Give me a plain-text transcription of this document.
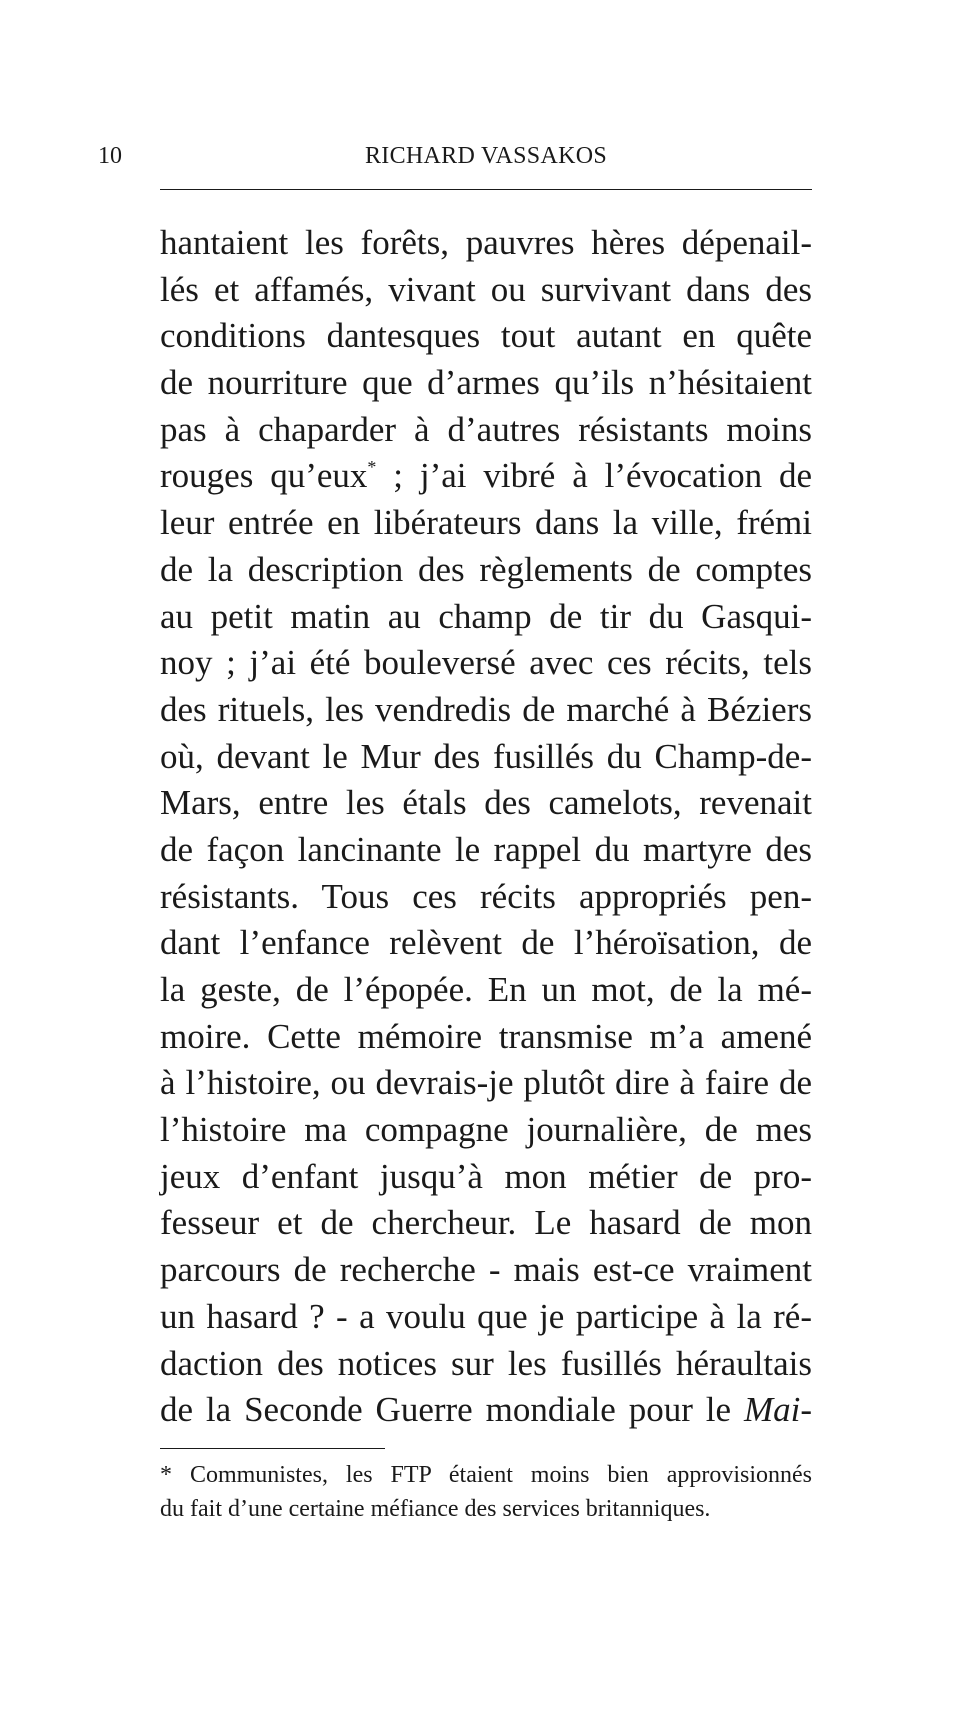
10	RICHARD VASSAKOS
hantaient les forêts, pauvres hères dépenail-
lés et affamés, vivant ou survivant dans des
conditions dantesques tout autant en quête
de nourriture que d’armes qu’ils n’hésitaient
pas à chaparder à d’autres résistants moins
rouges qu’eux* ; j’ai vibré à l’évocation de
leur entrée en libérateurs dans la ville, frémi
de la description des règlements de comptes
au petit matin au champ de tir du Gasqui-
noy ; j’ai été bouleversé avec ces récits, tels
des rituels, les vendredis de marché à Béziers
où, devant le Mur des fusillés du Champ-de-
Mars, entre les étals des camelots, revenait
de façon lancinante le rappel du martyre des
résistants. Tous ces récits appropriés pen-
dant l’enfance relèvent de l’héroïsation, de
la geste, de l’épopée. En un mot, de la mé-
moire. Cette mémoire transmise m’a amené
à l’histoire, ou devrais-je plutôt dire à faire de
l’histoire ma compagne journalière, de mes
jeux d’enfant jusqu’à mon métier de pro-
fesseur et de chercheur. Le hasard de mon
parcours de recherche - mais est-ce vraiment
un hasard ? - a voulu que je participe à la ré-
daction des notices sur les fusillés héraultais
de la Seconde Guerre mondiale pour le Mai-
* Communistes, les FTP étaient moins bien approvisionnés
du fait d’une certaine méfiance des services britanniques.
